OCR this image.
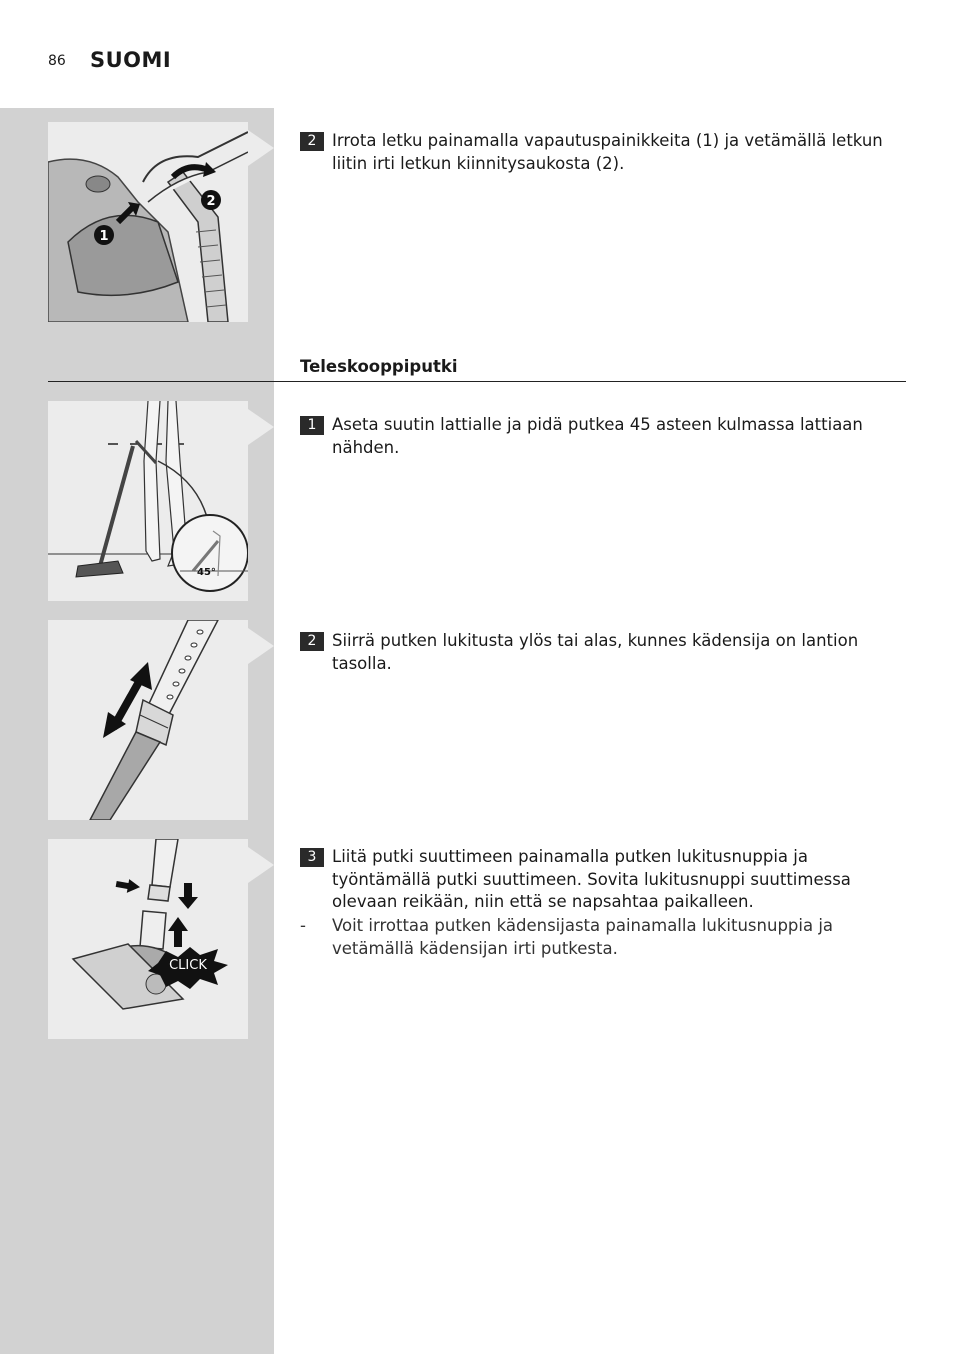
86 SUOMI
1
2
2 Irrota letku painamalla vapautuspainikkeita (1) ja vetämällä letkun liitin irti letkun kiinnitysaukosta (2).
Teleskooppiputki
45°
1 Aseta suutin lattialle ja pidä putkea 45 asteen kulmassa lattiaan nähden.
2 Siirrä putken lukitusta ylös tai alas, kunnes kädensija on lantion tasolla.
CLICK
3 Liitä putki suuttimeen painamalla putken lukitusnuppia ja työntämällä putki suuttimeen. Sovita lukitusnuppi suuttimessa olevaan reikään, niin että se napsahtaa paikalleen.
- Voit irrottaa putken kädensijasta painamalla lukitusnuppia ja vetämällä kädensijan irti putkesta.
